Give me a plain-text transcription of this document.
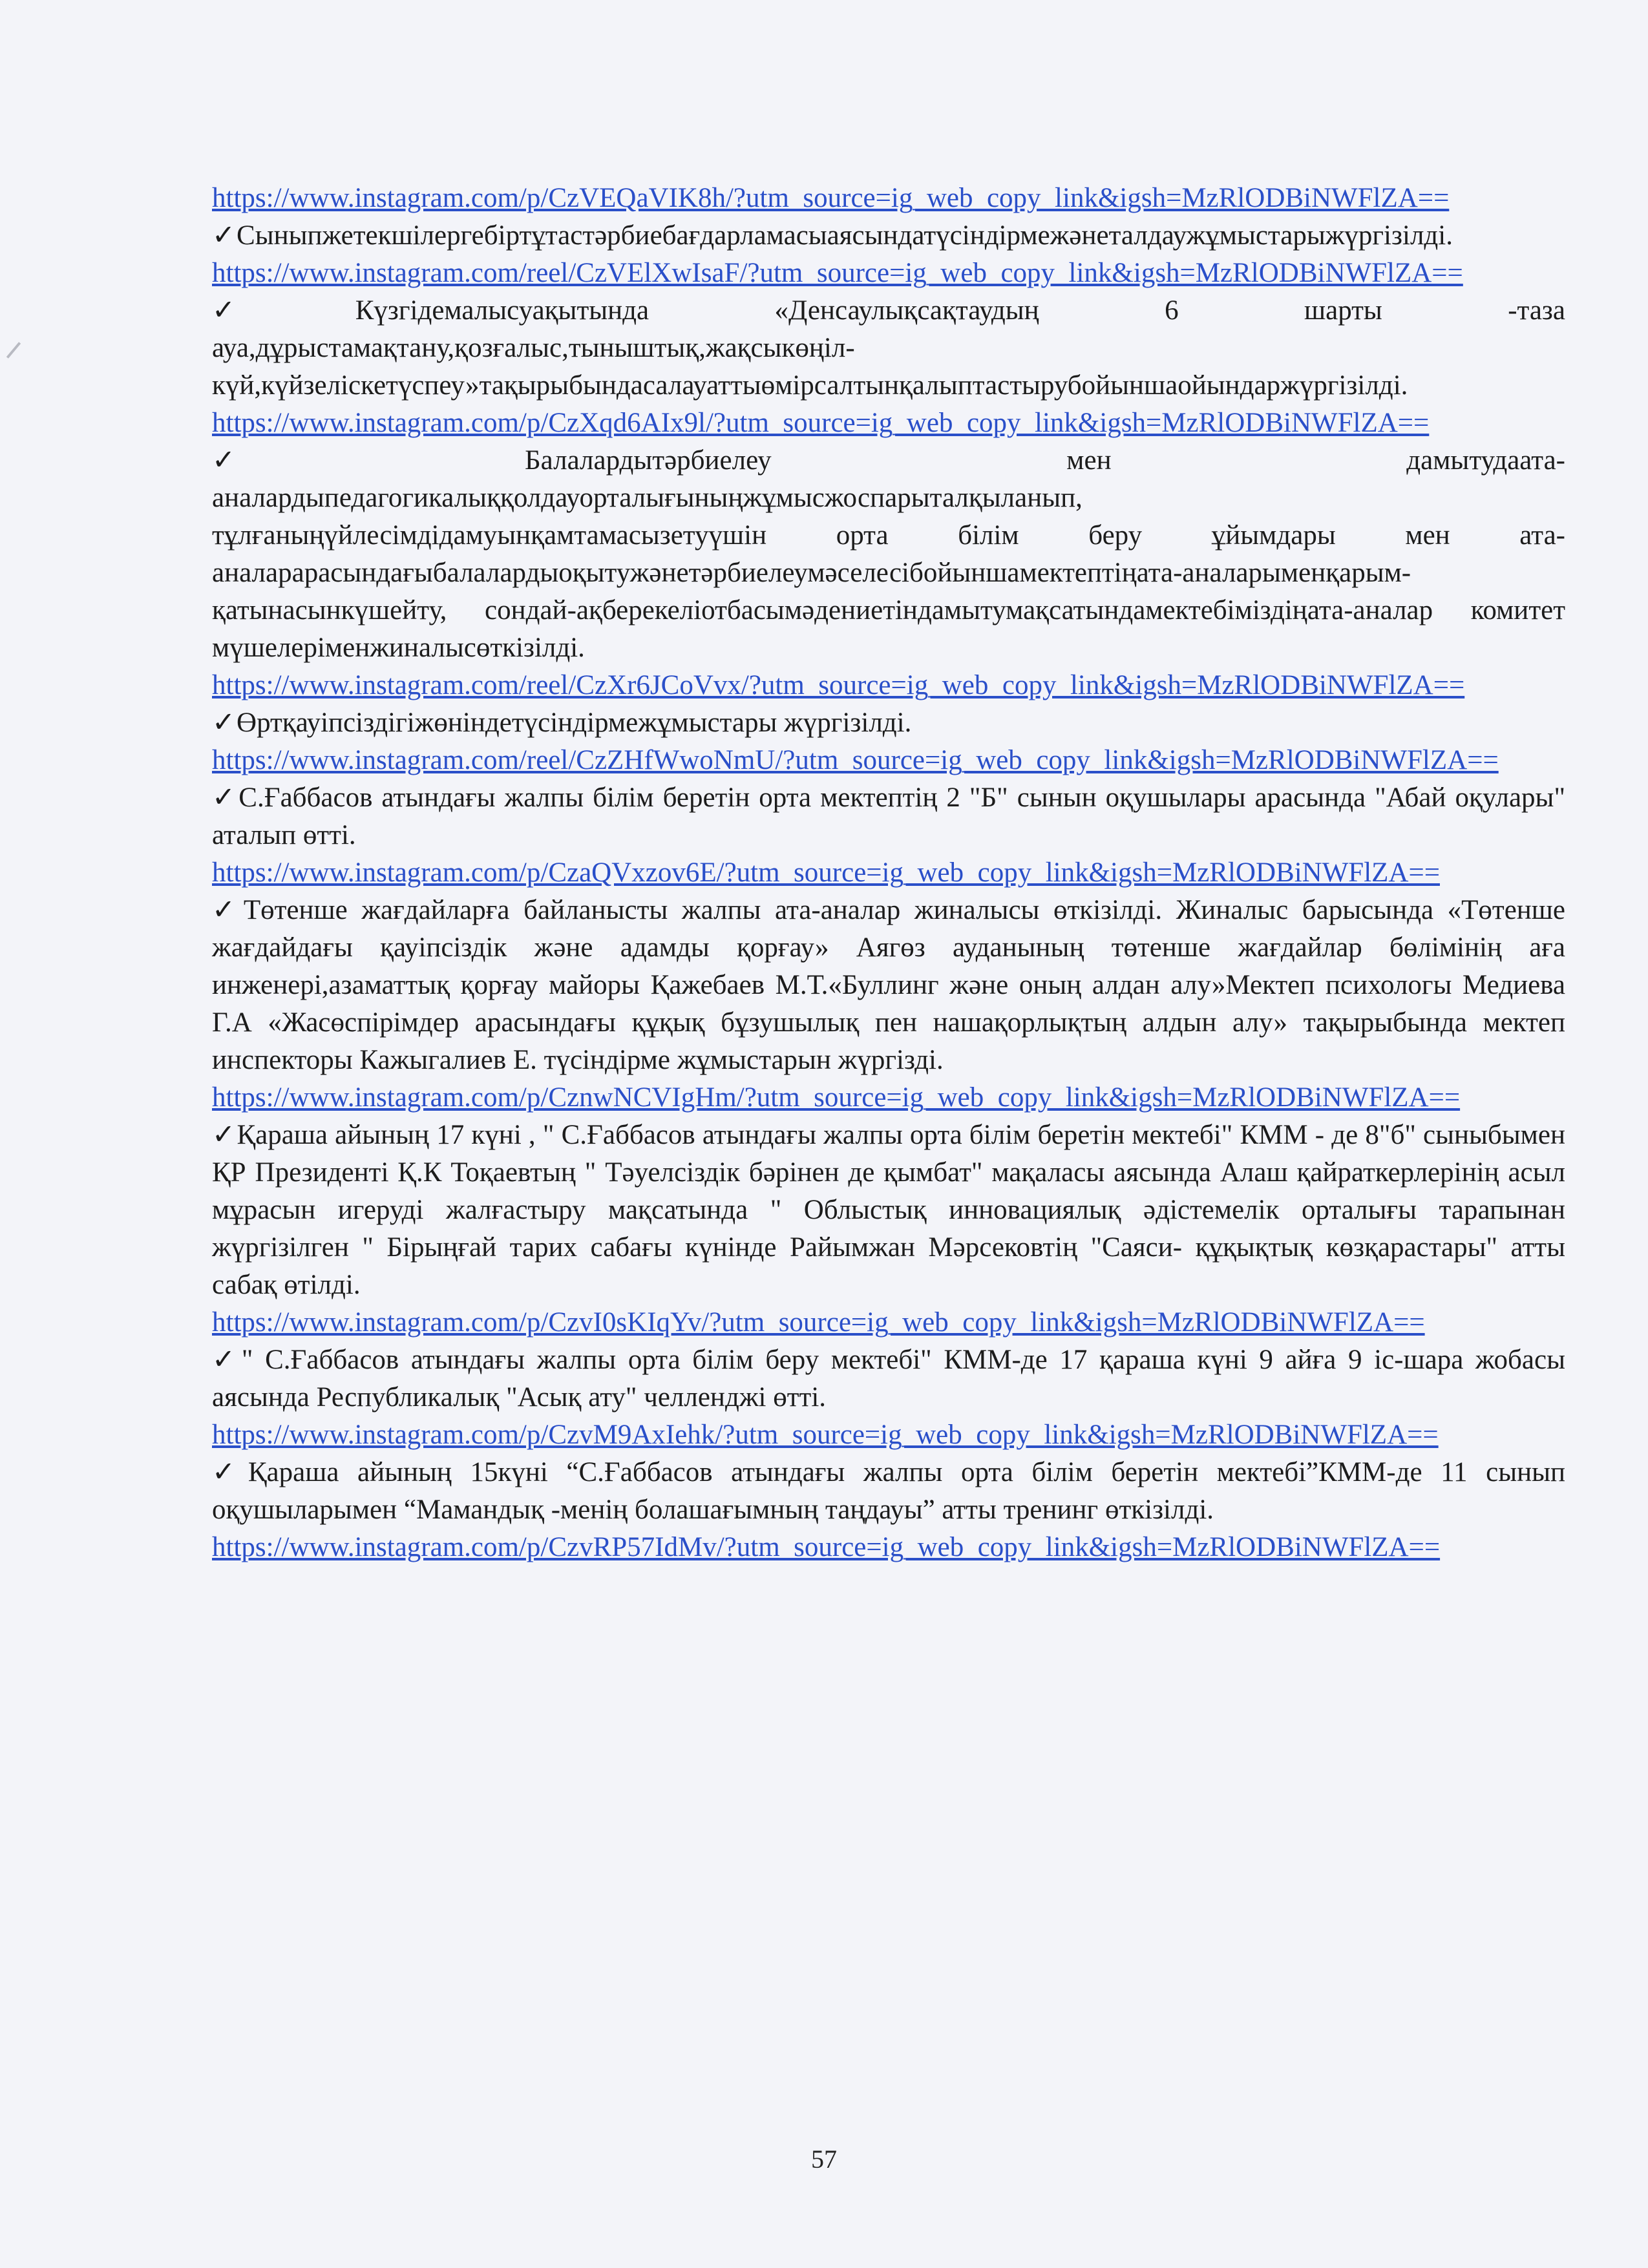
https://www.instagram.com/p/CzVEQaVIK8h/?utm_source=ig_web_copy_link&igsh=MzRlODBiNWFlZA==

✓Сыныпжетекшілергебіртұтастәрбиебағдарламасыаясындатүсіндірмежәнеталдаужұмыстарыжүргізілді.

https://www.instagram.com/reel/CzVElXwIsaF/?utm_source=ig_web_copy_link&igsh=MzRlODBiNWFlZA==

✓Күзгідемалысуақытында «Денсаулықсақтаудың 6 шарты -таза ауа,дұрыстамақтану,қозғалыс,тыныштық,жақсыкөңіл-күй,күйзеліскетүспеу»тақырыбындасалауаттыөмірсалтынқалыптастырубойыншаойындаржүргізілді.

https://www.instagram.com/p/CzXqd6AIx9l/?utm_source=ig_web_copy_link&igsh=MzRlODBiNWFlZA==

✓Балалардытәрбиелеу мен дамытудаата-аналардыпедагогикалыққолдауорталығыныңжұмысжоспарыталқыланып, тұлғаныңүйлесімдідамуынқамтамасызетуүшін орта білім беру ұйымдары мен ата-аналарарасындағыбалалардыоқытужәнетәрбиелеумәселесібойыншамектептіңата-аналарыменқарым-қатынасынкүшейту, сондай-ақберекеліотбасымәдениетіндамытумақсатындамектебіміздіңата-аналар комитет мүшелеріменжиналысөткізілді.

https://www.instagram.com/reel/CzXr6JCoVvx/?utm_source=ig_web_copy_link&igsh=MzRlODBiNWFlZA==

✓Өртқауіпсіздігіжөніндетүсіндірмежұмыстары жүргізілді.

https://www.instagram.com/reel/CzZHfWwoNmU/?utm_source=ig_web_copy_link&igsh=MzRlODBiNWFlZA==

✓С.Ғаббасов атындағы жалпы білім беретін орта мектептің 2 "Б" сынын оқушылары арасында "Абай оқулары" аталып өтті.

https://www.instagram.com/p/CzaQVxzov6E/?utm_source=ig_web_copy_link&igsh=MzRlODBiNWFlZA==

✓Төтенше жағдайларға байланысты жалпы ата-аналар жиналысы өткізілді. Жиналыс барысында «Төтенше жағдайдағы қауіпсіздік және адамды қорғау» Аягөз ауданының төтенше жағдайлар бөлімінің аға инженері,азаматтық қорғау майоры Қажебаев М.Т.«Буллинг және оның алдан алу»Мектеп психологы Медиева Г.А «Жасөспірімдер арасындағы құқық бұзушылық пен нашақорлықтың алдын алу» тақырыбында мектеп инспекторы Кажыгалиев Е. түсіндірме жұмыстарын жүргізді.

https://www.instagram.com/p/CznwNCVIgHm/?utm_source=ig_web_copy_link&igsh=MzRlODBiNWFlZA==

✓Қараша айының 17 күні , " С.Ғаббасов атындағы жалпы орта білім беретін мектебі" КММ - де 8"б" сыныбымен ҚР Президенті Қ.К Тоқаевтың " Тәуелсіздік бәрінен де қымбат" мақаласы аясында Алаш қайраткерлерінің асыл мұрасын игеруді жалғастыру мақсатында " Облыстық инновациялық әдістемелік орталығы тарапынан жүргізілген " Бірыңғай тарих сабағы күнінде Райымжан Мәрсековтің "Саяси- құқықтық көзқарастары" атты сабақ өтілді.

https://www.instagram.com/p/CzvI0sKIqYv/?utm_source=ig_web_copy_link&igsh=MzRlODBiNWFlZA==

✓" С.Ғаббасов атындағы жалпы орта білім беру мектебі" КММ-де 17 қараша күні 9 айға 9 іс-шара жобасы аясында Республикалық "Асық ату" челленджі өтті.

https://www.instagram.com/p/CzvM9AxIehk/?utm_source=ig_web_copy_link&igsh=MzRlODBiNWFlZA==

✓Қараша айының 15күні “С.Ғаббасов атындағы жалпы орта білім беретін мектебі”КММ-де 11 сынып оқушыларымен “Мамандық -менің болашағымның таңдауы” атты тренинг өткізілді.

https://www.instagram.com/p/CzvRP57IdMv/?utm_source=ig_web_copy_link&igsh=MzRlODBiNWFlZA==
57
